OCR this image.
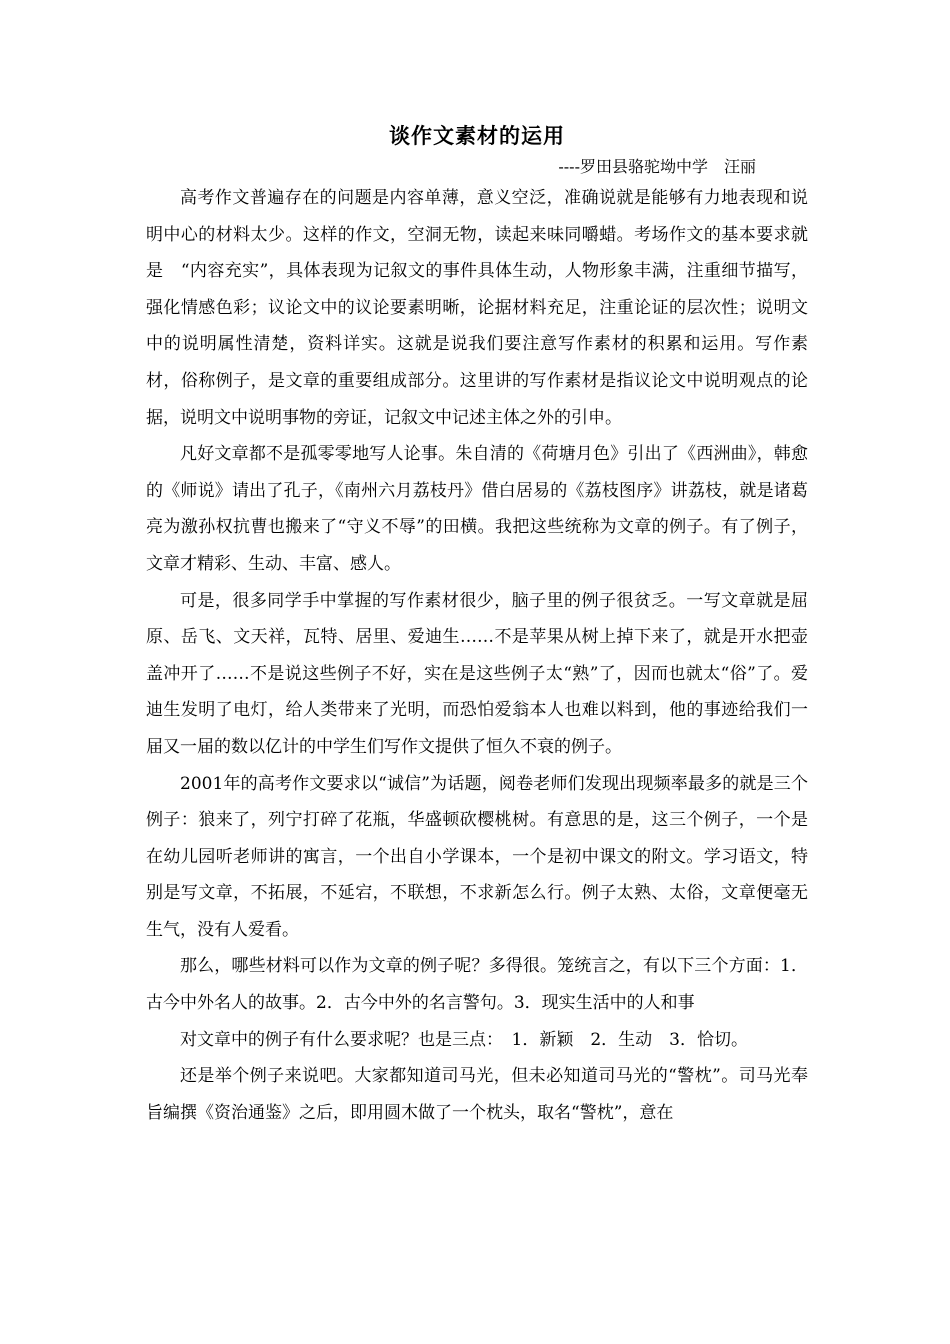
谈作文素材的运用

----罗田县骆驼坳中学　汪丽

高考作文普遍存在的问题是内容单薄，意义空泛，准确说就是能够有力地表现和说明中心的材料太少。这样的作文，空洞无物，读起来味同嚼蜡。考场作文的基本要求就是　“内容充实”，具体表现为记叙文的事件具体生动，人物形象丰满，注重细节描写，强化情感色彩；议论文中的议论要素明晰，论据材料充足，注重论证的层次性；说明文中的说明属性清楚，资料详实。这就是说我们要注意写作素材的积累和运用。写作素材，俗称例子，是文章的重要组成部分。这里讲的写作素材是指议论文中说明观点的论据，说明文中说明事物的旁证，记叙文中记述主体之外的引申。

凡好文章都不是孤零零地写人论事。朱自清的《荷塘月色》引出了《西洲曲》，韩愈的《师说》请出了孔子，《南州六月荔枝丹》借白居易的《荔枝图序》讲荔枝，就是诸葛亮为激孙权抗曹也搬来了“守义不辱”的田横。我把这些统称为文章的例子。有了例子，文章才精彩、生动、丰富、感人。

可是，很多同学手中掌握的写作素材很少，脑子里的例子很贫乏。一写文章就是屈原、岳飞、文天祥，瓦特、居里、爱迪生……不是苹果从树上掉下来了，就是开水把壶盖冲开了……不是说这些例子不好，实在是这些例子太“熟”了，因而也就太“俗”了。爱迪生发明了电灯，给人类带来了光明，而恐怕爱翁本人也难以料到，他的事迹给我们一届又一届的数以亿计的中学生们写作文提供了恒久不衰的例子。

2001年的高考作文要求以“诚信”为话题，阅卷老师们发现出现频率最多的就是三个例子：狼来了，列宁打碎了花瓶，华盛顿砍樱桃树。有意思的是，这三个例子，一个是在幼儿园听老师讲的寓言，一个出自小学课本，一个是初中课文的附文。学习语文，特别是写文章，不拓展，不延宕，不联想，不求新怎么行。例子太熟、太俗，文章便毫无生气，没有人爱看。

那么，哪些材料可以作为文章的例子呢？多得很。笼统言之，有以下三个方面：1．古今中外名人的故事。2．古今中外的名言警句。3．现实生活中的人和事

对文章中的例子有什么要求呢？也是三点：　1．新颖　2．生动　3．恰切。

还是举个例子来说吧。大家都知道司马光，但未必知道司马光的“警枕”。司马光奉旨编撰《资治通鉴》之后，即用圆木做了一个枕头，取名“警枕”，意在
